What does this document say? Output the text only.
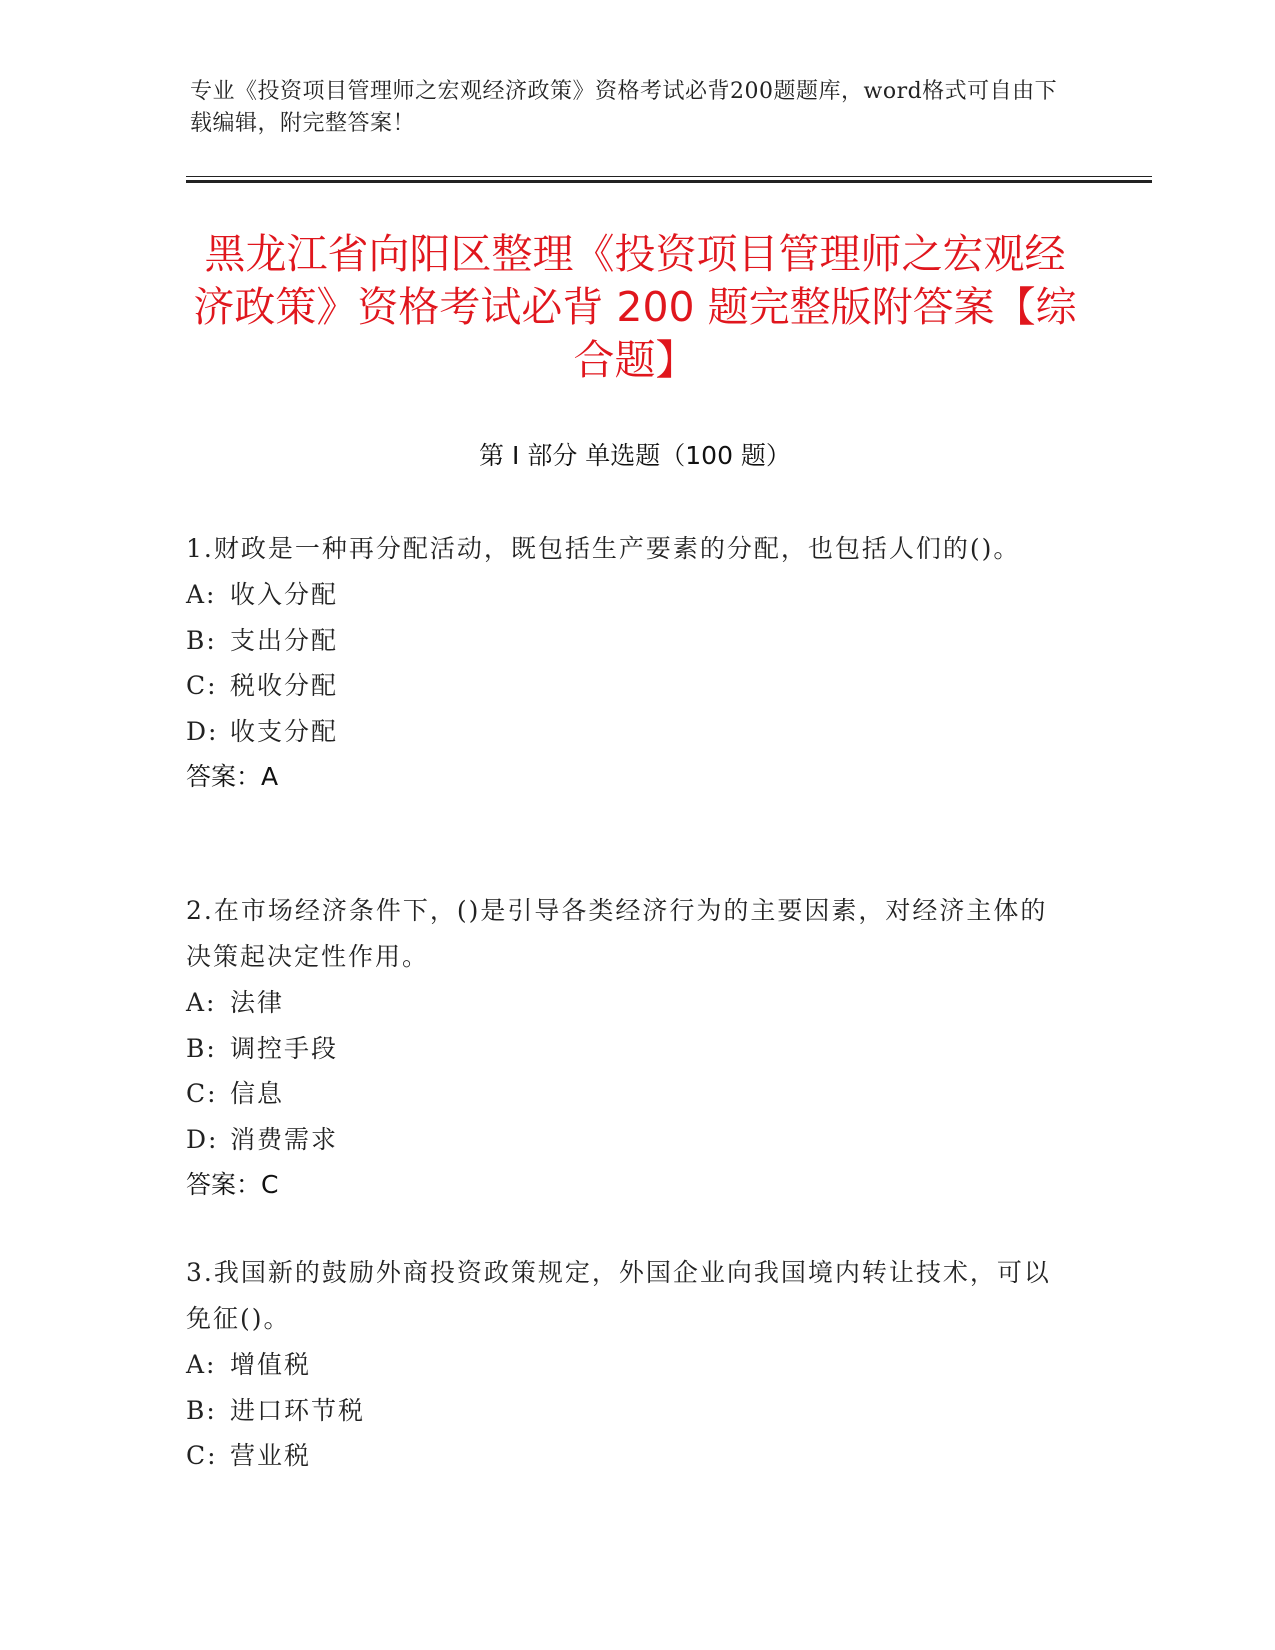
专业《投资项目管理师之宏观经济政策》资格考试必背200题题库，word格式可自由下载编辑，附完整答案！
黑龙江省向阳区整理《投资项目管理师之宏观经济政策》资格考试必背 200 题完整版附答案【综合题】
第 I 部分 单选题（100 题）
1.财政是一种再分配活动，既包括生产要素的分配，也包括人们的()。
A: 收入分配
B: 支出分配
C: 税收分配
D: 收支分配
答案：A
2.在市场经济条件下，()是引导各类经济行为的主要因素，对经济主体的决策起决定性作用。
A: 法律
B: 调控手段
C: 信息
D: 消费需求
答案：C
3.我国新的鼓励外商投资政策规定，外国企业向我国境内转让技术，可以免征()。
A: 增值税
B: 进口环节税
C: 营业税
